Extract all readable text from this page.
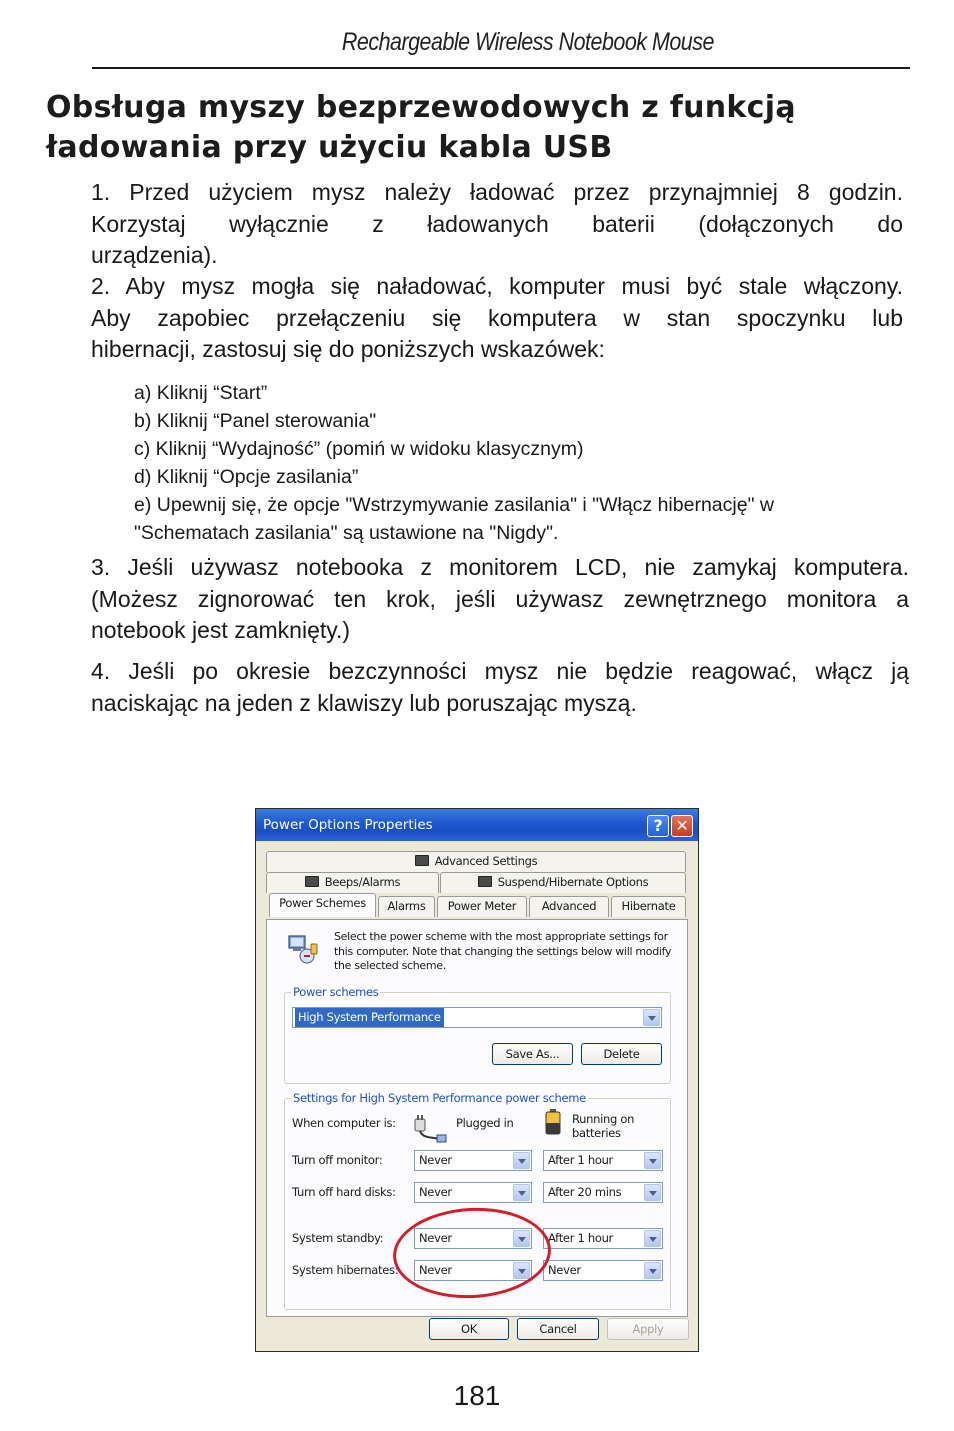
Rechargeable Wireless Notebook Mouse
Obsługa myszy bezprzewodowych z funkcją
ładowania przy użyciu kabla USB
1. Przed użyciem mysz należy ładować przez przynajmniej 8 godzin.
Korzystaj wyłącznie z ładowanych baterii (dołączonych do
urządzenia).
2. Aby mysz mogła się naładować, komputer musi być stale włączony.
Aby zapobiec przełączeniu się komputera w stan spoczynku lub
hibernacji, zastosuj się do poniższych wskazówek:
a) Kliknij “Start”
b) Kliknij “Panel sterowania"
c) Kliknij “Wydajność” (pomiń w widoku klasycznym)
d) Kliknij “Opcje zasilania”
e) Upewnij się, że opcje "Wstrzymywanie zasilania" i "Włącz hibernację" w
"Schematach zasilania" są ustawione na "Nigdy".
3. Jeśli używasz notebooka z monitorem LCD, nie zamykaj komputera.
(Możesz zignorować ten krok, jeśli używasz zewnętrznego monitora a
notebook jest zamknięty.)
4. Jeśli po okresie bezczynności mysz nie będzie reagować, włącz ją
naciskając na jeden z klawiszy lub poruszając myszą.
Power Options Properties	? ✕
Advanced Settings
Beeps/Alarms	Suspend/Hibernate Options
Power Schemes	Alarms	Power Meter	Advanced	Hibernate
Select the power scheme with the most appropriate settings for this computer. Note that changing the settings below will modify the selected scheme.
Power schemes
High System Performance
Save As...	Delete
Settings for High System Performance power scheme
When computer is:	Plugged in	Running on
batteries
Turn off monitor:	Never	After 1 hour
Turn off hard disks:	Never	After 20 mins
System standby:	Never	After 1 hour
System hibernates:	Never	Never
OK	Cancel	Apply
181
